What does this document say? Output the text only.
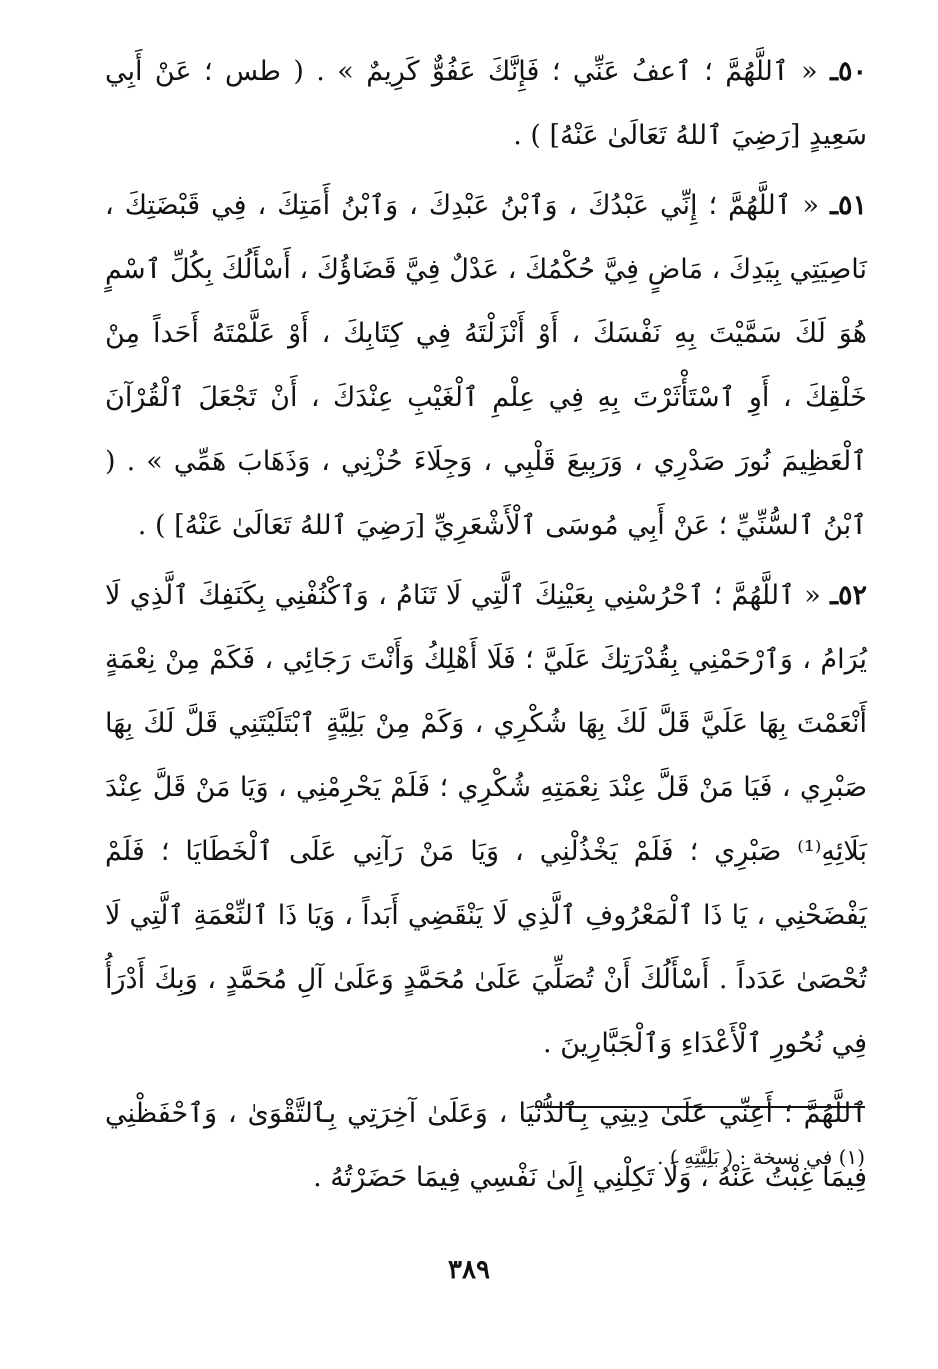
٥٠ـ « ٱللَّهُمَّ ؛ ٱعفُ عَنِّي ؛ فَإِنَّكَ عَفُوٌّ كَرِيمٌ » . ( طس ؛ عَنْ أَبِي سَعِيدٍ [رَضِيَ ٱللهُ تَعَالَىٰ عَنْهُ] ) .

٥١ـ « ٱللَّهُمَّ ؛ إِنِّي عَبْدُكَ ، وَٱبْنُ عَبْدِكَ ، وَٱبْنُ أَمَتِكَ ، فِي قَبْضَتِكَ ، نَاصِيَتِي بِيَدِكَ ، مَاضٍ فِيَّ حُكْمُكَ ، عَدْلٌ فِيَّ قَضَاؤُكَ ، أَسْأَلُكَ بِكُلِّ ٱسْمٍ هُوَ لَكَ سَمَّيْتَ بِهِ نَفْسَكَ ، أَوْ أَنْزَلْتَهُ فِي كِتَابِكَ ، أَوْ عَلَّمْتَهُ أَحَداً مِنْ خَلْقِكَ ، أَوِ ٱسْتَأْثَرْتَ بِهِ فِي عِلْمِ ٱلْغَيْبِ عِنْدَكَ ، أَنْ تَجْعَلَ ٱلْقُرْآنَ ٱلْعَظِيمَ نُورَ صَدْرِي ، وَرَبِيعَ قَلْبِي ، وَجِلَاءَ حُزْنِي ، وَذَهَابَ هَمِّي » . ( ٱبْنُ ٱلسُّنِّيِّ ؛ عَنْ أَبِي مُوسَى ٱلْأَشْعَرِيِّ [رَضِيَ ٱللهُ تَعَالَىٰ عَنْهُ] ) .

٥٢ـ « ٱللَّهُمَّ ؛ ٱحْرُسْنِي بِعَيْنِكَ ٱلَّتِي لَا تَنَامُ ، وَٱكْنُفْنِي بِكَنَفِكَ ٱلَّذِي لَا يُرَامُ ، وَٱرْحَمْنِي بِقُدْرَتِكَ عَلَيَّ ؛ فَلَا أَهْلِكُ وَأَنْتَ رَجَائِي ، فَكَمْ مِنْ نِعْمَةٍ أَنْعَمْتَ بِهَا عَلَيَّ قَلَّ لَكَ بِهَا شُكْرِي ، وَكَمْ مِنْ بَلِيَّةٍ ٱبْتَلَيْتَنِي قَلَّ لَكَ بِهَا صَبْرِي ، فَيَا مَنْ قَلَّ عِنْدَ نِعْمَتِهِ شُكْرِي ؛ فَلَمْ يَحْرِمْنِي ، وَيَا مَنْ قَلَّ عِنْدَ بَلَائِهِ⁽¹⁾ صَبْرِي ؛ فَلَمْ يَخْذُلْنِي ، وَيَا مَنْ رَآنِي عَلَى ٱلْخَطَايَا ؛ فَلَمْ يَفْضَحْنِي ، يَا ذَا ٱلْمَعْرُوفِ ٱلَّذِي لَا يَنْقَضِي أَبَداً ، وَيَا ذَا ٱلنِّعْمَةِ ٱلَّتِي لَا تُحْصَىٰ عَدَداً . أَسْأَلُكَ أَنْ تُصَلِّيَ عَلَىٰ مُحَمَّدٍ وَعَلَىٰ آلِ مُحَمَّدٍ ، وَبِكَ أَدْرَأُ فِي نُحُورِ ٱلْأَعْدَاءِ وَٱلْجَبَّارِينَ .

ٱللَّهُمَّ ؛ أَعِنِّي عَلَىٰ دِينِي بِٱلدُّنْيَا ، وَعَلَىٰ آخِرَتِي بِٱلتَّقْوَىٰ ، وَٱحْفَظْنِي فِيمَا غِبْتُ عَنْهُ ، وَلَا تَكِلْنِي إِلَىٰ نَفْسِي فِيمَا حَضَرْتُهُ .

(١) في نسخة : ( بَلِيَّتِهِ ) .
٣٨٩
